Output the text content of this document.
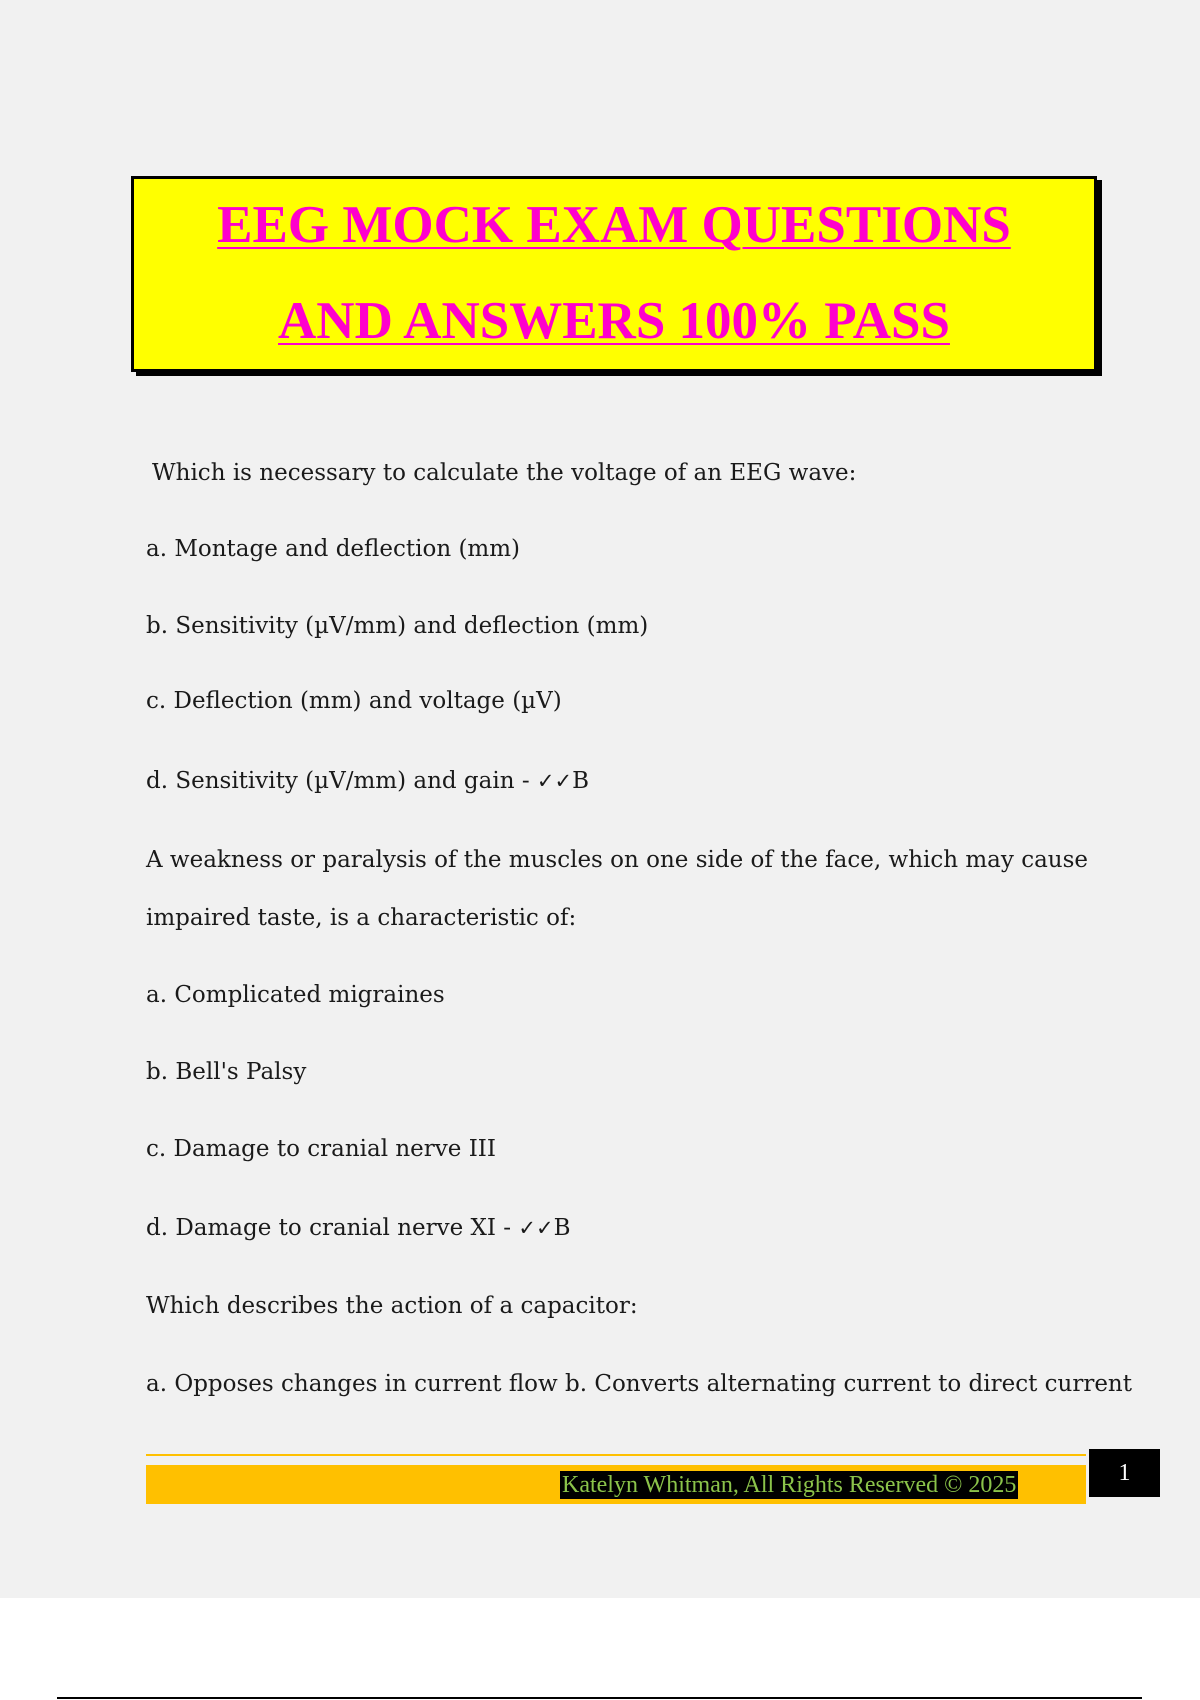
EEG MOCK EXAM QUESTIONS
AND ANSWERS 100% PASS
Which is necessary to calculate the voltage of an EEG wave:
a. Montage and deflection (mm)
b. Sensitivity (µV/mm) and deflection (mm)
c. Deflection (mm) and voltage (µV)
d. Sensitivity (µV/mm) and gain - ✓✓B
A weakness or paralysis of the muscles on one side of the face, which may cause
impaired taste, is a characteristic of:
a. Complicated migraines
b. Bell's Palsy
c. Damage to cranial nerve III
d. Damage to cranial nerve XI - ✓✓B
Which describes the action of a capacitor:
a. Opposes changes in current flow b. Converts alternating current to direct current
Katelyn Whitman, All Rights Reserved © 2025	1
